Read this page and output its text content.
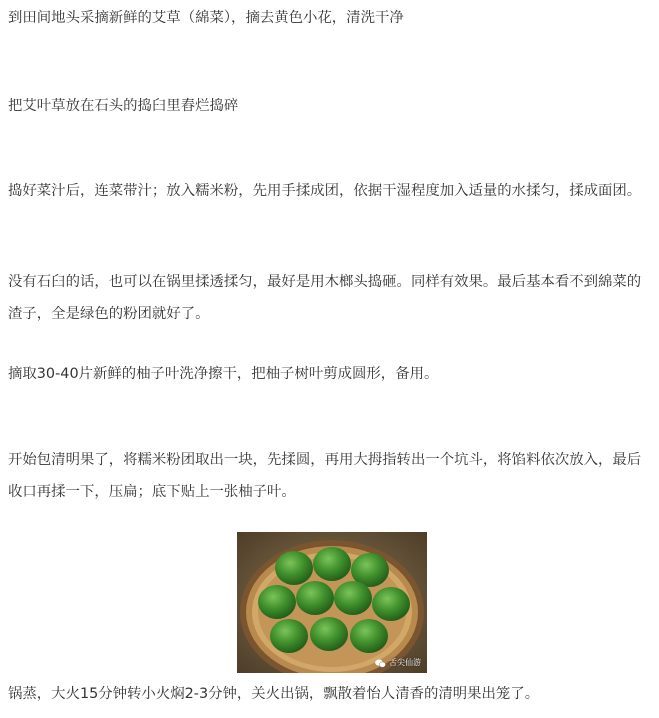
到田间地头采摘新鲜的艾草（綿菜），摘去黄色小花，清洗干净

把艾叶草放在石头的捣臼里舂烂捣碎

捣好菜汁后，连菜带汁；放入糯米粉，先用手揉成团，依据干湿程度加入适量的水揉匀，揉成面团。

没有石臼的话，也可以在锅里揉透揉匀，最好是用木榔头捣砸。同样有效果。最后基本看不到綿菜的渣子，全是绿色的粉团就好了。

摘取30-40片新鲜的柚子叶洗净擦干，把柚子树叶剪成圆形，备用。

开始包清明果了，将糯米粉团取出一块，先揉圆，再用大拇指转出一个坑斗，将馅料依次放入，最后收口再揉一下，压扁；底下贴上一张柚子叶。

舌尖仙游

锅蒸，大火15分钟转小火焖2-3分钟，关火出锅，飘散着怡人清香的清明果出笼了。
